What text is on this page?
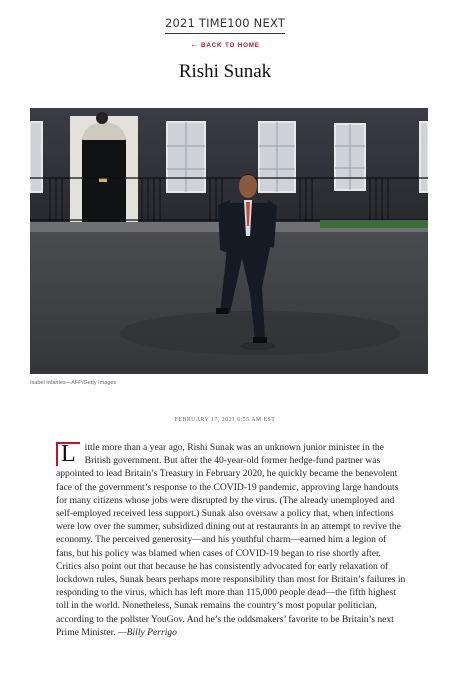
2021 TIME100 NEXT
← BACK TO HOME
Rishi Sunak
Isabel Infantes—AFP/Getty Images
FEBRUARY 17, 2021 6:55 AM EST

L ittle more than a year ago, Rishi Sunak was an unknown junior minister in the British government. But after the 40-year-old former hedge-fund partner was appointed to lead Britain’s Treasury in February 2020, he quickly became the benevolent face of the government’s response to the COVID-19 pandemic, approving large handouts for many citizens whose jobs were disrupted by the virus. (The already unemployed and self-employed received less support.) Sunak also oversaw a policy that, when infections were low over the summer, subsidized dining out at restaurants in an attempt to revive the economy. The perceived generosity—and his youthful charm—earned him a legion of fans, but his policy was blamed when cases of COVID-19 began to rise shortly after. Critics also point out that because he has consistently advocated for early relaxation of lockdown rules, Sunak bears perhaps more responsibility than most for Britain’s failures in responding to the virus, which has left more than 115,000 people dead—the fifth highest toll in the world. Nonetheless, Sunak remains the country’s most popular politician, according to the pollster YouGov. And he’s the oddsmakers’ favorite to be Britain’s next Prime Minister. —Billy Perrigo
